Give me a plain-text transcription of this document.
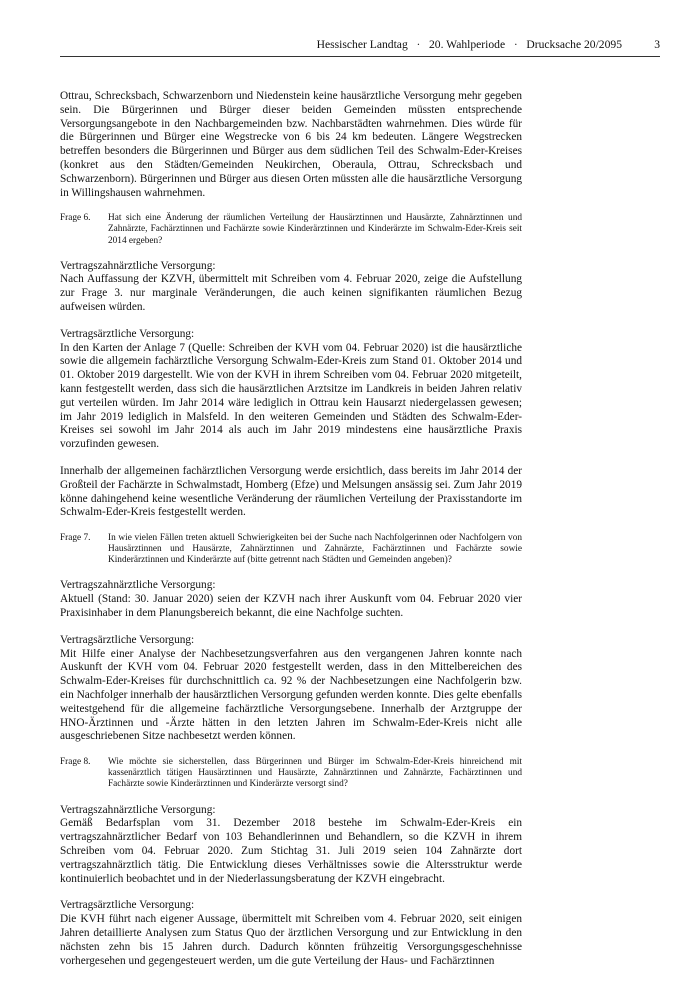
Hessischer Landtag   ·   20. Wahlperiode   ·   Drucksache 20/2095	3

Ottrau, Schrecksbach, Schwarzenborn und Niedenstein keine hausärztliche Versorgung mehr gegeben sein. Die Bürgerinnen und Bürger dieser beiden Gemeinden müssten entsprechende Versorgungsangebote in den Nachbargemeinden bzw. Nachbarstädten wahrnehmen. Dies würde für die Bürgerinnen und Bürger eine Wegstrecke von 6 bis 24 km bedeuten. Längere Wegstrecken betreffen besonders die Bürgerinnen und Bürger aus dem südlichen Teil des Schwalm-Eder-Kreises (konkret aus den Städten/Gemeinden Neukirchen, Oberaula, Ottrau, Schrecksbach und Schwarzenborn). Bürgerinnen und Bürger aus diesen Orten müssten alle die hausärztliche Versorgung in Willingshausen wahrnehmen.

Frage 6.	Hat sich eine Änderung der räumlichen Verteilung der Hausärztinnen und Hausärzte, Zahnärztinnen und Zahnärzte, Fachärztinnen und Fachärzte sowie Kinderärztinnen und Kinderärzte im Schwalm-Eder-Kreis seit 2014 ergeben?

Vertragszahnärztliche Versorgung:

Nach Auffassung der KZVH, übermittelt mit Schreiben vom 4. Februar 2020, zeige die Aufstellung zur Frage 3. nur marginale Veränderungen, die auch keinen signifikanten räumlichen Bezug aufweisen würden.

Vertragsärztliche Versorgung:

In den Karten der Anlage 7 (Quelle: Schreiben der KVH vom 04. Februar 2020) ist die hausärztliche sowie die allgemein fachärztliche Versorgung Schwalm-Eder-Kreis zum Stand 01. Oktober 2014 und 01. Oktober 2019 dargestellt. Wie von der KVH in ihrem Schreiben vom 04. Februar 2020 mitgeteilt, kann festgestellt werden, dass sich die hausärztlichen Arztsitze im Landkreis in beiden Jahren relativ gut verteilen würden. Im Jahr 2014 wäre lediglich in Ottrau kein Hausarzt niedergelassen gewesen; im Jahr 2019 lediglich in Malsfeld. In den weiteren Gemeinden und Städten des Schwalm-Eder-Kreises sei sowohl im Jahr 2014 als auch im Jahr 2019 mindestens eine hausärztliche Praxis vorzufinden gewesen.

Innerhalb der allgemeinen fachärztlichen Versorgung werde ersichtlich, dass bereits im Jahr 2014 der Großteil der Fachärzte in Schwalmstadt, Homberg (Efze) und Melsungen ansässig sei. Zum Jahr 2019 könne dahingehend keine wesentliche Veränderung der räumlichen Verteilung der Praxisstandorte im Schwalm-Eder-Kreis festgestellt werden.

Frage 7.	In wie vielen Fällen treten aktuell Schwierigkeiten bei der Suche nach Nachfolgerinnen oder Nachfolgern von Hausärztinnen und Hausärzte, Zahnärztinnen und Zahnärzte, Fachärztinnen und Fachärzte sowie Kinderärztinnen und Kinderärzte auf (bitte getrennt nach Städten und Gemeinden angeben)?

Vertragszahnärztliche Versorgung:

Aktuell (Stand: 30. Januar 2020) seien der KZVH nach ihrer Auskunft vom 04. Februar 2020 vier Praxisinhaber in dem Planungsbereich bekannt, die eine Nachfolge suchten.

Vertragsärztliche Versorgung:

Mit Hilfe einer Analyse der Nachbesetzungsverfahren aus den vergangenen Jahren konnte nach Auskunft der KVH vom 04. Februar 2020 festgestellt werden, dass in den Mittelbereichen des Schwalm-Eder-Kreises für durchschnittlich ca. 92 % der Nachbesetzungen eine Nachfolgerin bzw. ein Nachfolger innerhalb der hausärztlichen Versorgung gefunden werden konnte. Dies gelte ebenfalls weitestgehend für die allgemeine fachärztliche Versorgungsebene. Innerhalb der Arztgruppe der HNO-Ärztinnen und -Ärzte hätten in den letzten Jahren im Schwalm-Eder-Kreis nicht alle ausgeschriebenen Sitze nachbesetzt werden können.

Frage 8.	Wie möchte sie sicherstellen, dass Bürgerinnen und Bürger im Schwalm-Eder-Kreis hinreichend mit kassenärztlich tätigen Hausärztinnen und Hausärzte, Zahnärztinnen und Zahnärzte, Fachärztinnen und Fachärzte sowie Kinderärztinnen und Kinderärzte versorgt sind?

Vertragszahnärztliche Versorgung:

Gemäß Bedarfsplan vom 31. Dezember 2018 bestehe im Schwalm-Eder-Kreis ein vertragszahnärztlicher Bedarf von 103 Behandlerinnen und Behandlern, so die KZVH in ihrem Schreiben vom 04. Februar 2020. Zum Stichtag 31. Juli 2019 seien 104 Zahnärzte dort vertragszahnärztlich tätig. Die Entwicklung dieses Verhältnisses sowie die Altersstruktur werde kontinuierlich beobachtet und in der Niederlassungsberatung der KZVH eingebracht.

Vertragsärztliche Versorgung:

Die KVH führt nach eigener Aussage, übermittelt mit Schreiben vom 4. Februar 2020, seit einigen Jahren detaillierte Analysen zum Status Quo der ärztlichen Versorgung und zur Entwicklung in den nächsten zehn bis 15 Jahren durch. Dadurch könnten frühzeitig Versorgungsgeschehnisse vorhergesehen und gegengesteuert werden, um die gute Verteilung der Haus- und Fachärztinnen
